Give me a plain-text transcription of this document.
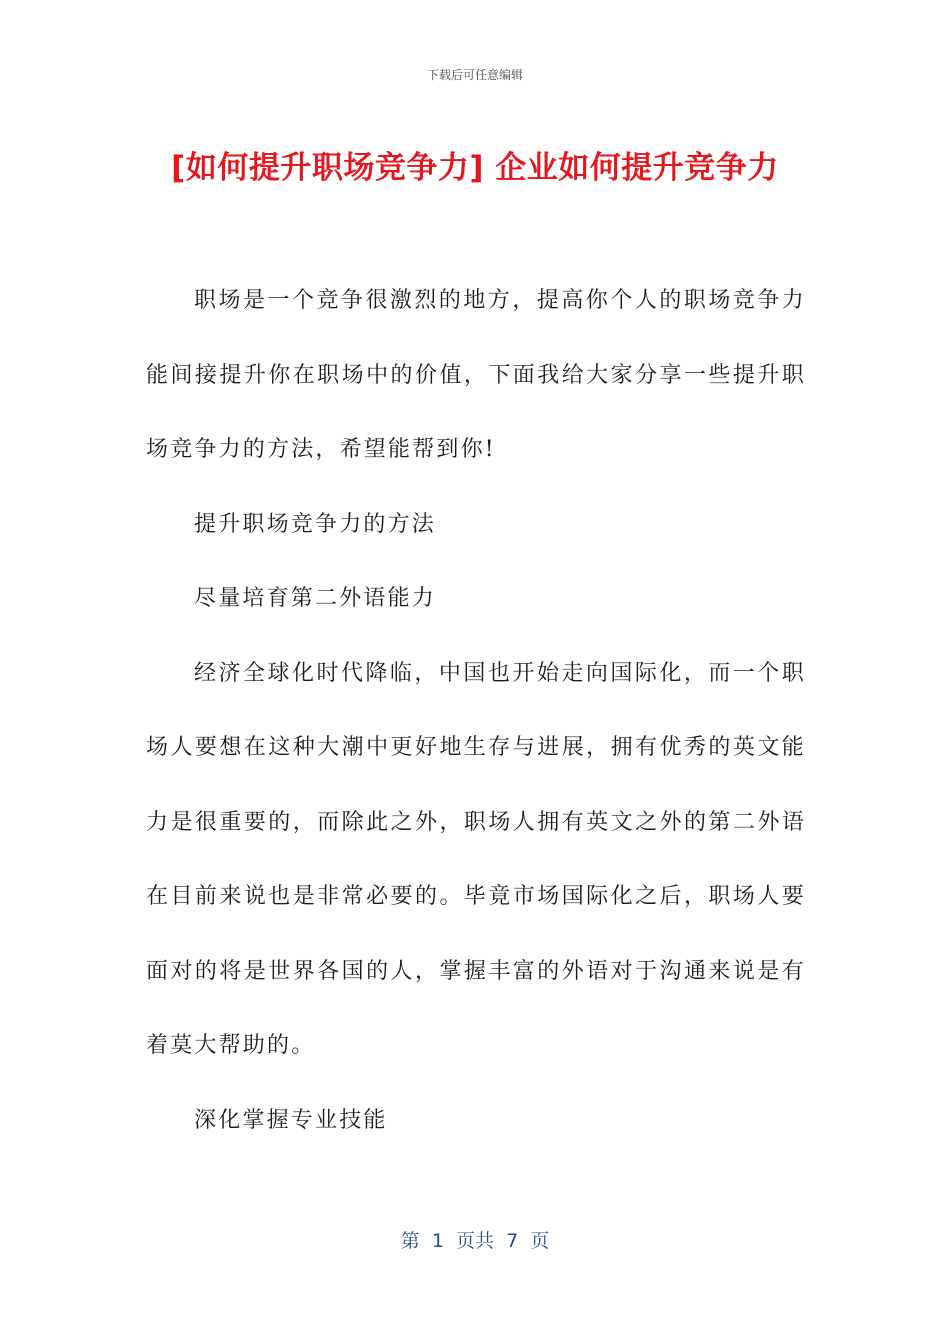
下载后可任意编辑
[如何提升职场竞争力] 企业如何提升竞争力

职场是一个竞争很激烈的地方，提高你个人的职场竞争力能间接提升你在职场中的价值，下面我给大家分享一些提升职场竞争力的方法，希望能帮到你!

提升职场竞争力的方法

尽量培育第二外语能力

经济全球化时代降临，中国也开始走向国际化，而一个职场人要想在这种大潮中更好地生存与进展，拥有优秀的英文能力是很重要的，而除此之外，职场人拥有英文之外的第二外语在目前来说也是非常必要的。毕竟市场国际化之后，职场人要面对的将是世界各国的人，掌握丰富的外语对于沟通来说是有着莫大帮助的。

深化掌握专业技能

第  1  页共  7  页
